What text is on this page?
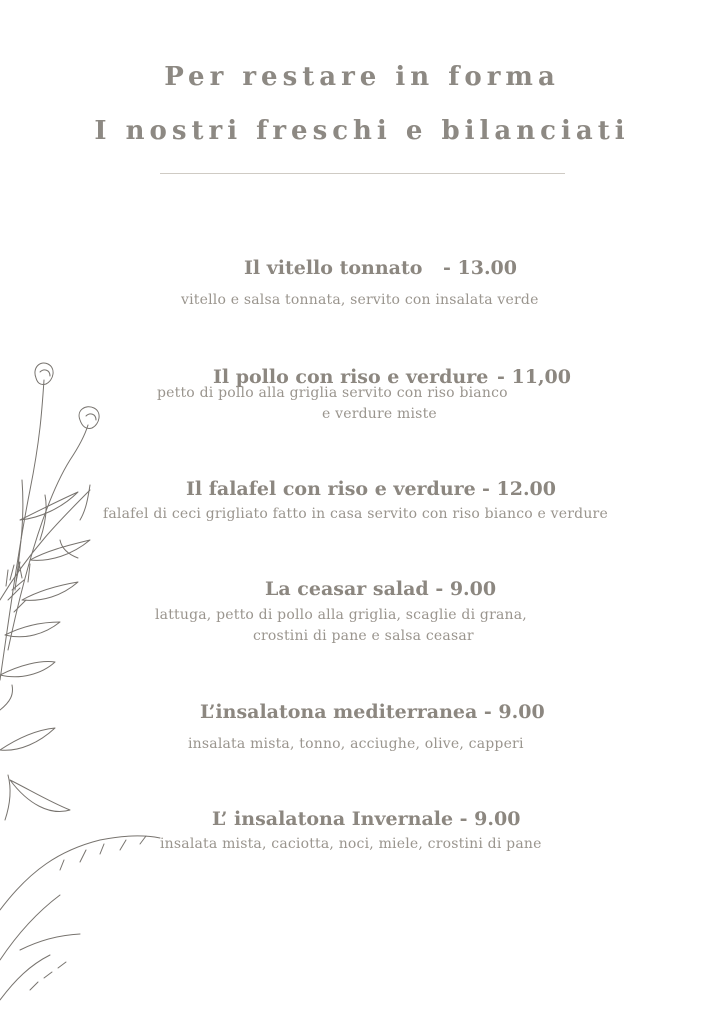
Per restare in forma
I nostri freschi e bilanciati
Il vitello tonnato - 13.00
vitello e salsa tonnata, servito con insalata verde
Il pollo con riso e verdure - 11,00
petto di pollo alla griglia servito con riso bianco
e verdure miste
Il falafel con riso e verdure - 12.00
falafel di ceci grigliato fatto in casa servito con riso bianco e verdure
La ceasar salad - 9.00
lattuga, petto di pollo alla griglia, scaglie di grana,
crostini di pane e salsa ceasar
L’insalatona mediterranea - 9.00
insalata mista, tonno, acciughe, olive, capperi
L’ insalatona Invernale - 9.00
insalata mista, caciotta, noci, miele, crostini di pane
